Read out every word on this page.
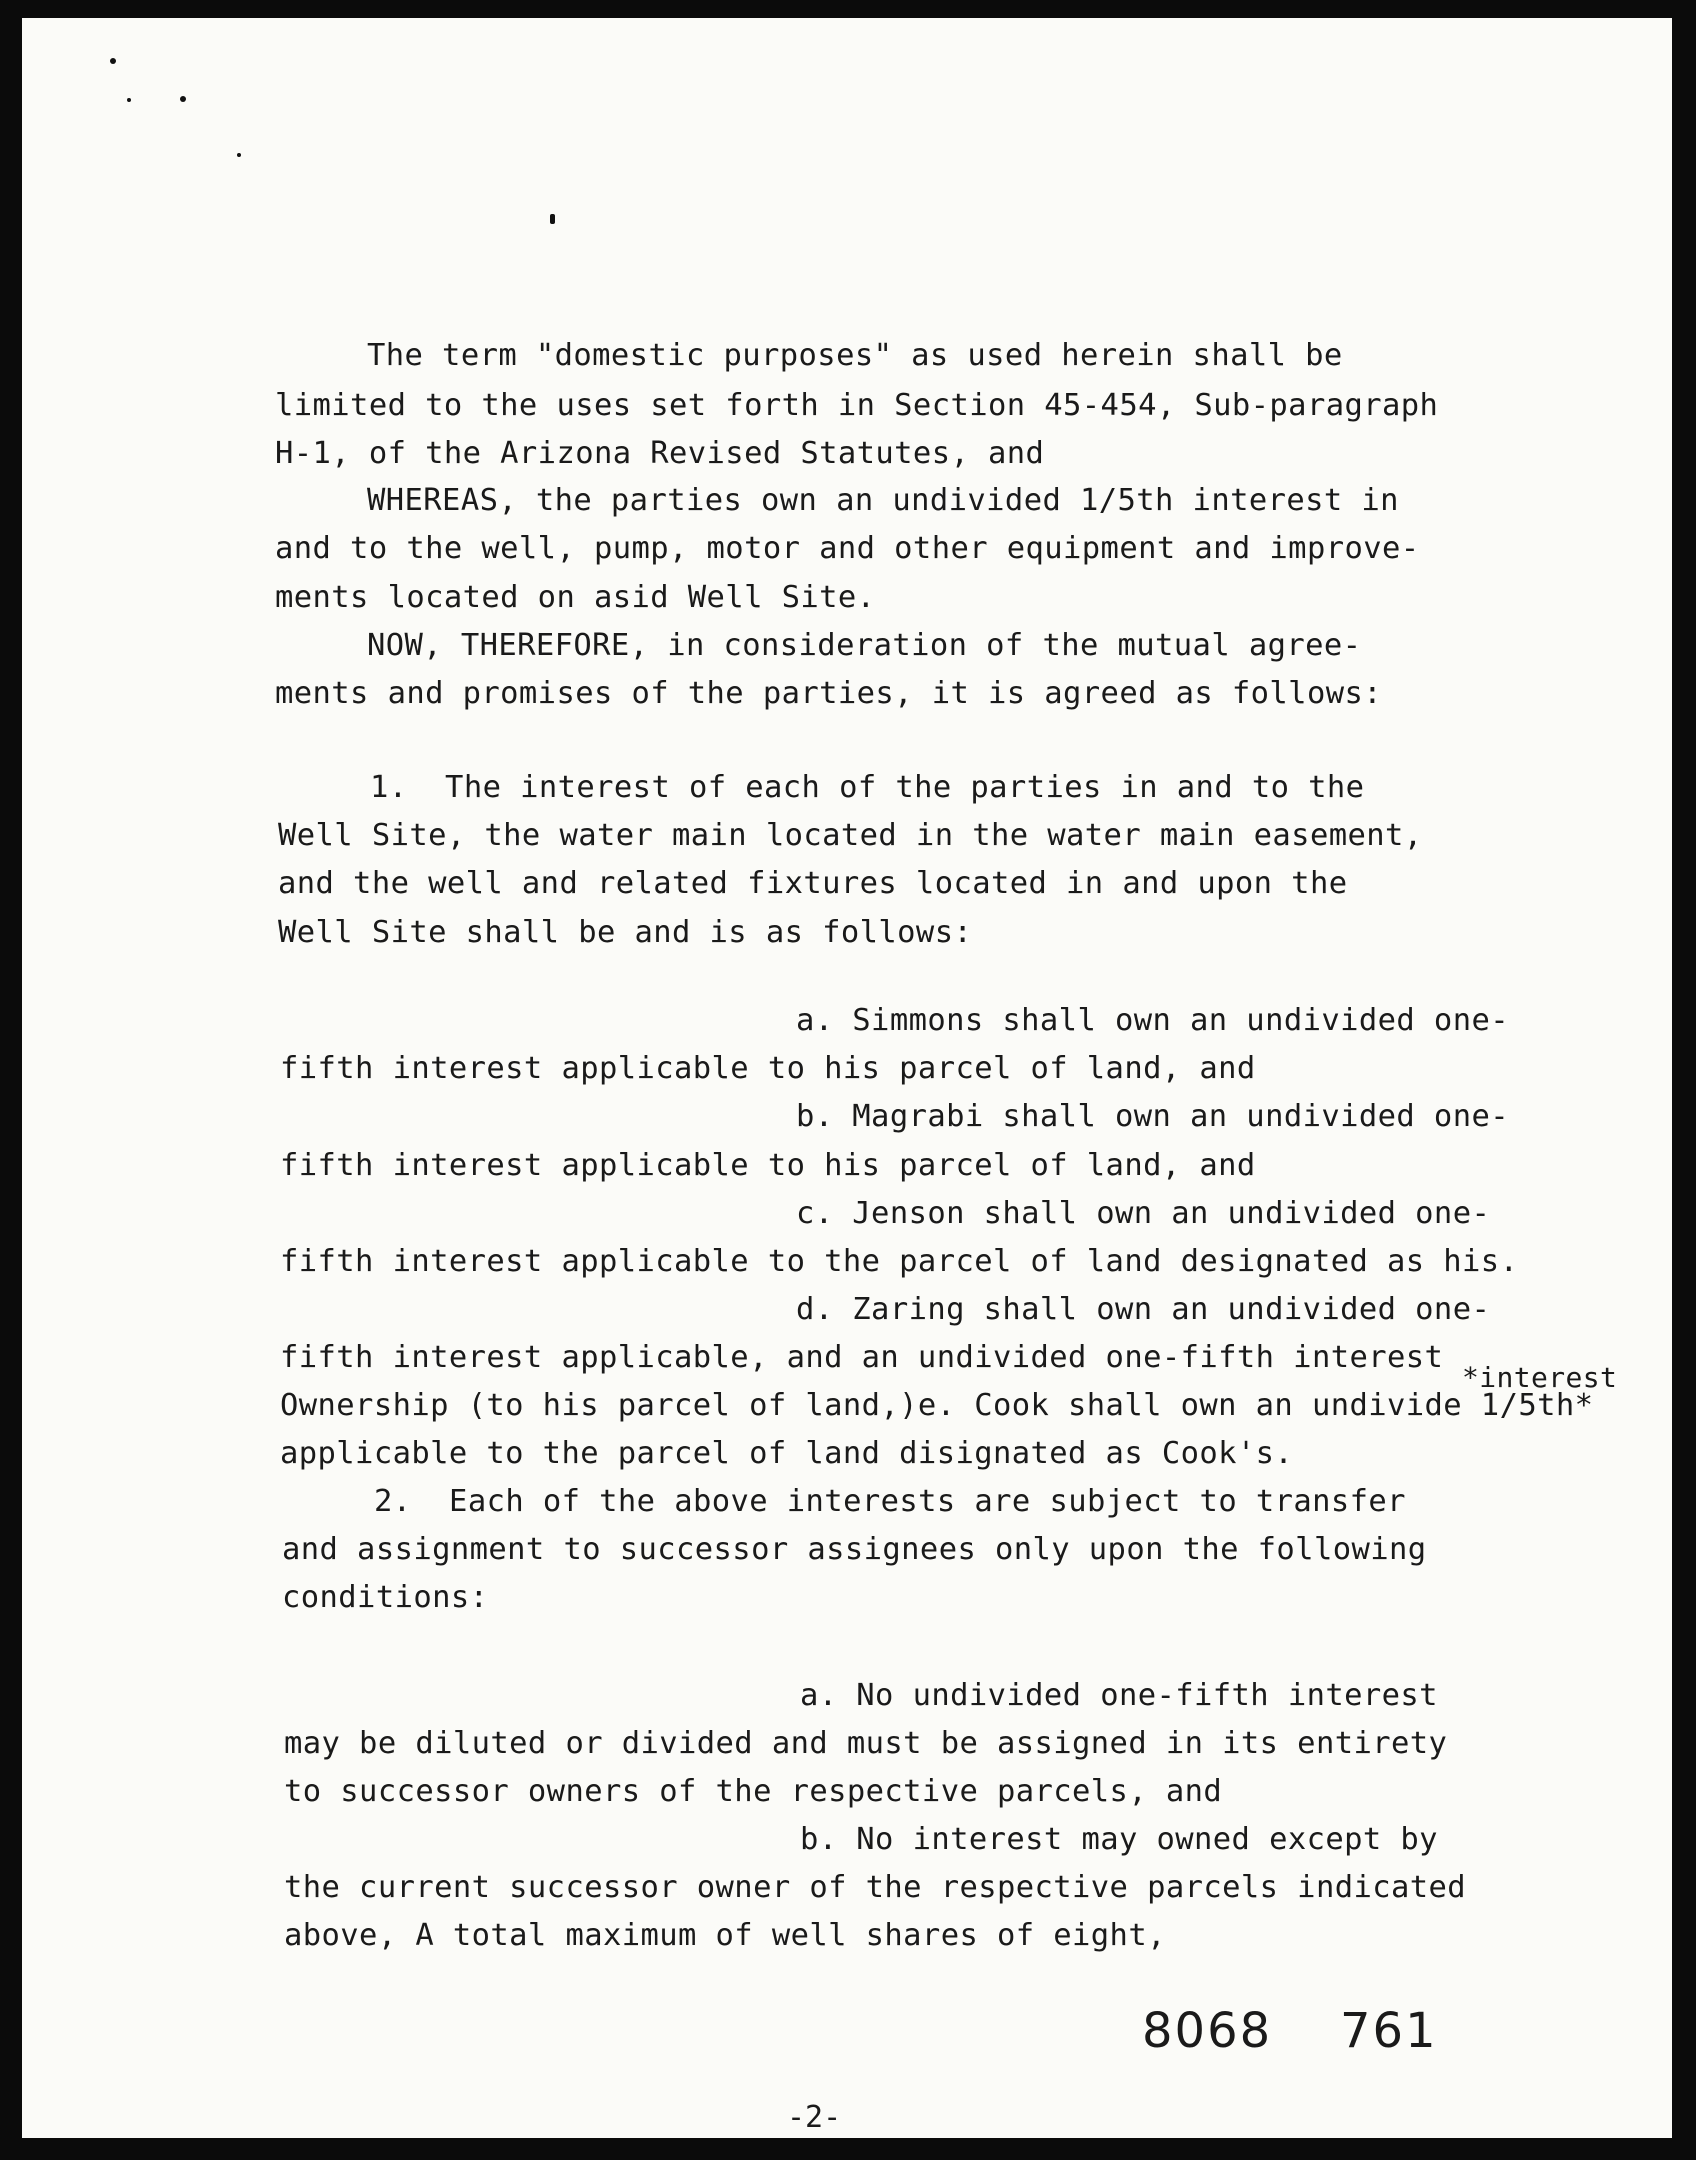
The term "domestic purposes" as used herein shall be

limited to the uses set forth in Section 45-454, Sub-paragraph

H-1, of the Arizona Revised Statutes, and

WHEREAS, the parties own an undivided 1/5th interest in

and to the well, pump, motor and other equipment and improve-

ments located on asid Well Site.

NOW, THEREFORE, in consideration of the mutual agree-

ments and promises of the parties, it is agreed as follows:

1.  The interest of each of the parties in and to the

Well Site, the water main located in the water main easement,

and the well and related fixtures located in and upon the

Well Site shall be and is as follows:

a. Simmons shall own an undivided one-

fifth interest applicable to his parcel of land, and

b. Magrabi shall own an undivided one-

fifth interest applicable to his parcel of land, and

c. Jenson shall own an undivided one-

fifth interest applicable to the parcel of land designated as his.

d. Zaring shall own an undivided one-

fifth interest applicable, and an undivided one-fifth interest

*interest

Ownership (to his parcel of land,)e. Cook shall own an undivide 1/5th*

applicable to the parcel of land disignated as Cook's.

2.  Each of the above interests are subject to transfer

and assignment to successor assignees only upon the following

conditions:

a. No undivided one-fifth interest

may be diluted or divided and must be assigned in its entirety

to successor owners of the respective parcels, and

b. No interest may owned except by

the current successor owner of the respective parcels indicated

above, A total maximum of well shares of eight,

8068 761
-2-
